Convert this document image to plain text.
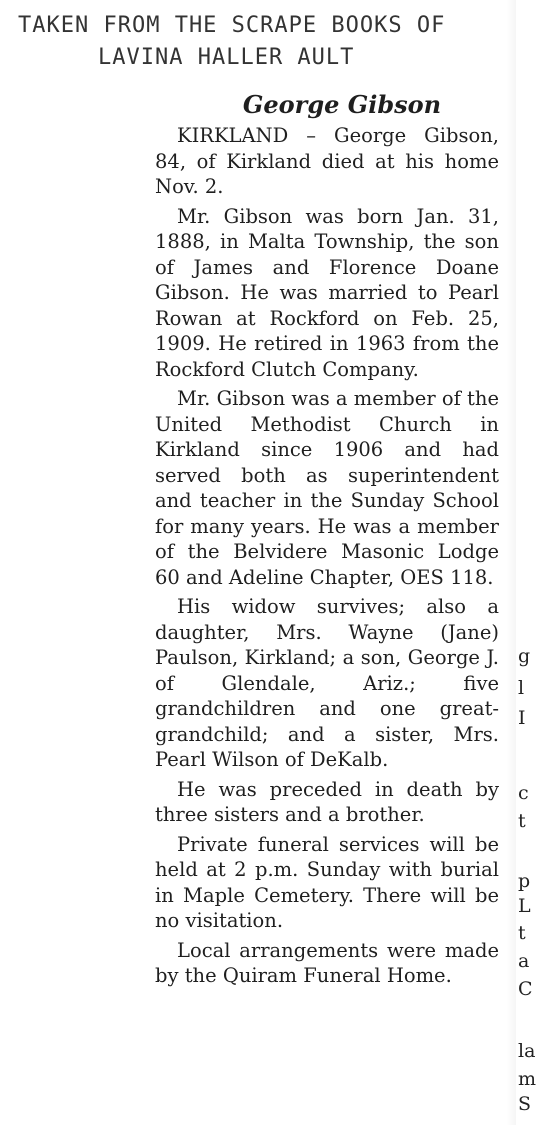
TAKEN FROM THE SCRAPE BOOKS OF
LAVINA HALLER AULT
George Gibson

KIRKLAND – George Gibson, 84, of Kirkland died at his home Nov. 2.

Mr. Gibson was born Jan. 31, 1888, in Malta Township, the son of James and Florence Doane Gibson. He was married to Pearl Rowan at Rockford on Feb. 25, 1909. He retired in 1963 from the Rockford Clutch Company.

Mr. Gibson was a member of the United Methodist Church in Kirkland since 1906 and had served both as superintendent and teacher in the Sunday School for many years. He was a member of the Belvidere Masonic Lodge 60 and Adeline Chapter, OES 118.

His widow survives; also a daughter, Mrs. Wayne (Jane) Paulson, Kirkland; a son, George J. of Glendale, Ariz.; five grandchildren and one great-grandchild; and a sister, Mrs. Pearl Wilson of DeKalb.

He was preceded in death by three sisters and a brother.

Private funeral services will be held at 2 p.m. Sunday with burial in Maple Cemetery. There will be no visitation.

Local arrangements were made by the Quiram Funeral Home.

g
l
I
c
t
p
L
t
a
C
la
m
S
